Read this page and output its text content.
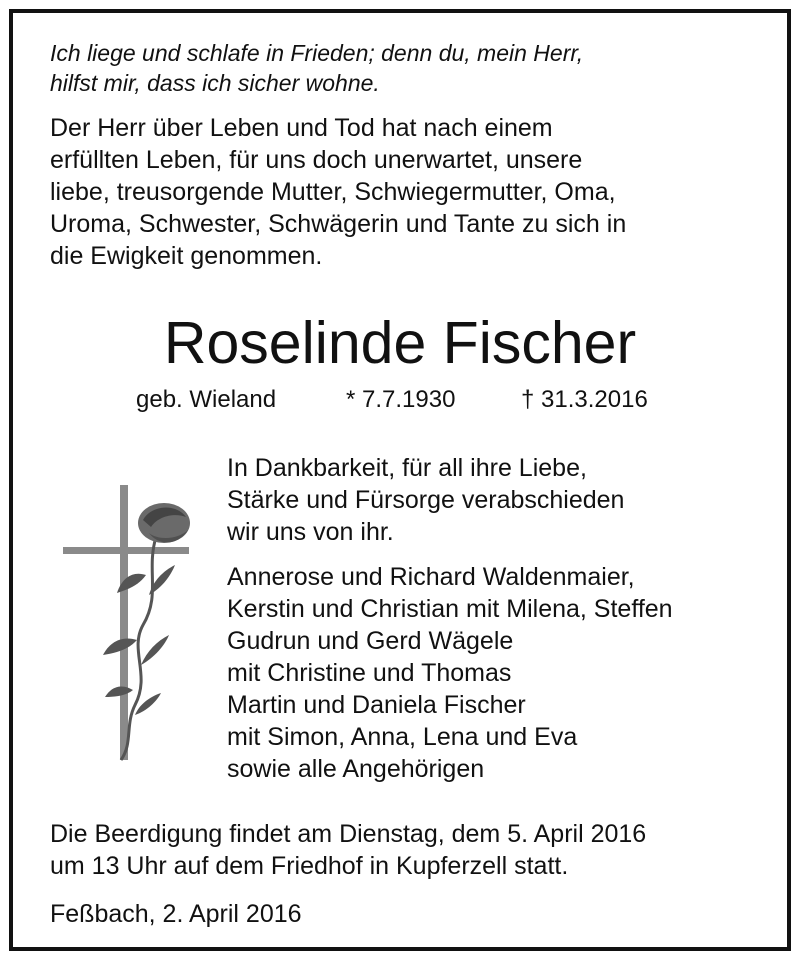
Ich liege und schlafe in Frieden; denn du, mein Herr,

hilfst mir, dass ich sicher wohne.

Der Herr über Leben und Tod hat nach einem

erfüllten Leben, für uns doch unerwartet, unsere

liebe, treusorgende Mutter, Schwiegermutter, Oma,

Uroma, Schwester, Schwägerin und Tante zu sich in

die Ewigkeit genommen.

Roselinde Fischer

geb. Wieland	* 7.7.1930	† 31.3.2016

In Dankbarkeit, für all ihre Liebe,

Stärke und Fürsorge verabschieden

wir uns von ihr.

Annerose und Richard Waldenmaier,

Kerstin und Christian mit Milena, Steffen

Gudrun und Gerd Wägele

mit Christine und Thomas

Martin und Daniela Fischer

mit Simon, Anna, Lena und Eva

sowie alle Angehörigen

Die Beerdigung findet am Dienstag, dem 5. April 2016

um 13 Uhr auf dem Friedhof in Kupferzell statt.

Feßbach, 2. April 2016
